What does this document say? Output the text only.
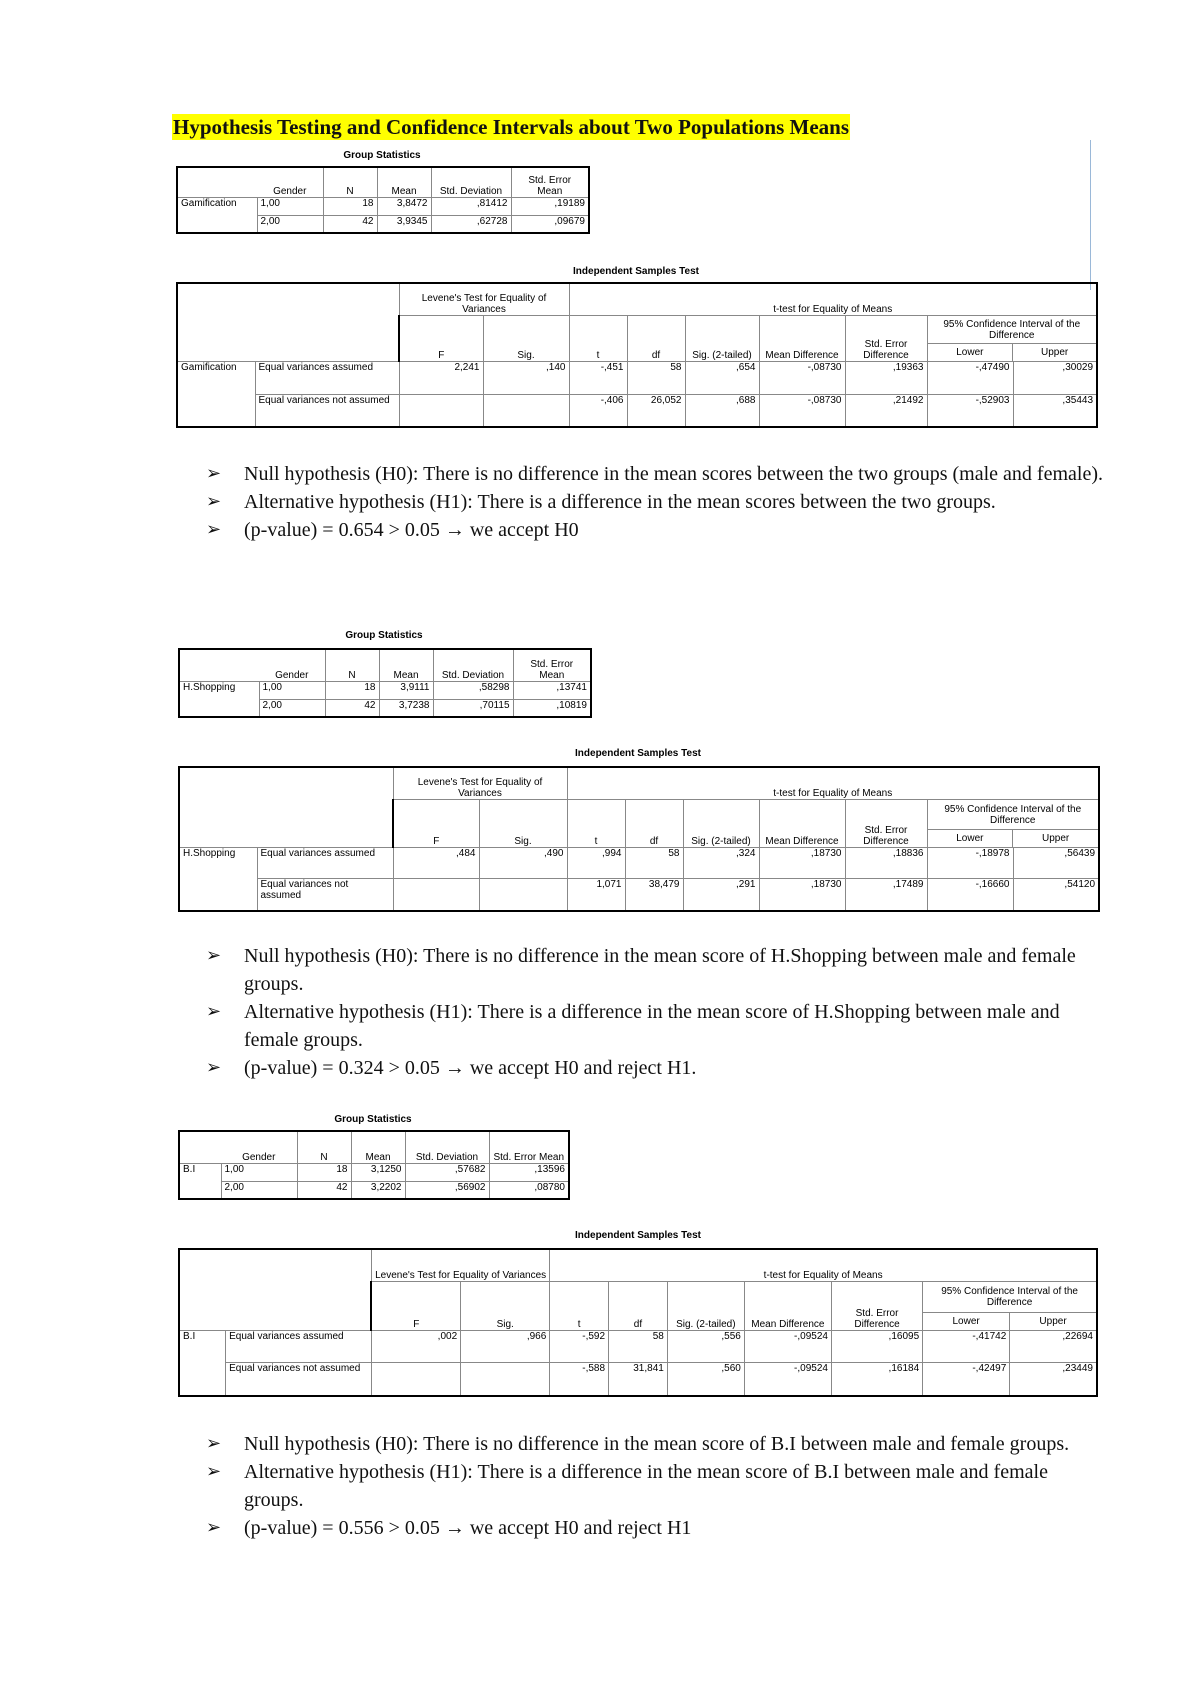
Hypothesis Testing and Confidence Intervals about Two Populations Means
Group Statistics
	Gender	N	Mean	Std. Deviation	Std. Error Mean
Gamification	1,00	18	3,8472	,81412	,19189
	2,00	42	3,9345	,62728	,09679
Independent Samples Test
		Levene's Test for Equality of Variances		t-test for Equality of Means						
		F	Sig.	t	df	Sig. (2-tailed)	Mean Difference	Std. Error Difference	95% Confidence Interval of the Difference
Lower Upper	

Gamification	Equal variances assumed	2,241	,140	-,451	58	,654	-,08730	,19363	-,47490	,30029
	Equal variances not assumed			-,406	26,052	,688	-,08730	,21492	-,52903	,35443
➢ Null hypothesis (H0): There is no difference in the mean scores between the two groups (male and female).
➢ Alternative hypothesis (H1): There is a difference in the mean scores between the two groups.
➢ (p-value) = 0.654 > 0.05 → we accept H0
Group Statistics
	Gender	N	Mean	Std. Deviation	Std. Error Mean
H.Shopping	1,00	18	3,9111	,58298	,13741
	2,00	42	3,7238	,70115	,10819
Independent Samples Test
		Levene's Test for Equality of Variances		t-test for Equality of Means						
		F	Sig.	t	df	Sig. (2-tailed)	Mean Difference	Std. Error Difference	95% Confidence Interval of the Difference
Lower Upper	

H.Shopping	Equal variances assumed	,484	,490	,994	58	,324	,18730	,18836	-,18978	,56439
	Equal variances not assumed			1,071	38,479	,291	,18730	,17489	-,16660	,54120
➢ Null hypothesis (H0): There is no difference in the mean score of H.Shopping between male and female groups.
➢ Alternative hypothesis (H1): There is a difference in the mean score of H.Shopping between male and female groups.
➢ (p-value) = 0.324 > 0.05 → we accept H0 and reject H1.
Group Statistics
	Gender	N	Mean	Std. Deviation	Std. Error Mean
B.I	1,00	18	3,1250	,57682	,13596
	2,00	42	3,2202	,56902	,08780
Independent Samples Test
		Levene's Test for Equality of Variances		t-test for Equality of Means						
		F	Sig.	t	df	Sig. (2-tailed)	Mean Difference	Std. Error Difference	95% Confidence Interval of the Difference
Lower Upper	

B.I	Equal variances assumed	,002	,966	-,592	58	,556	-,09524	,16095	-,41742	,22694
	Equal variances not assumed			-,588	31,841	,560	-,09524	,16184	-,42497	,23449
➢ Null hypothesis (H0): There is no difference in the mean score of B.I between male and female groups.
➢ Alternative hypothesis (H1): There is a difference in the mean score of B.I between male and female groups.
➢ (p-value) = 0.556 > 0.05 → we accept H0 and reject H1
